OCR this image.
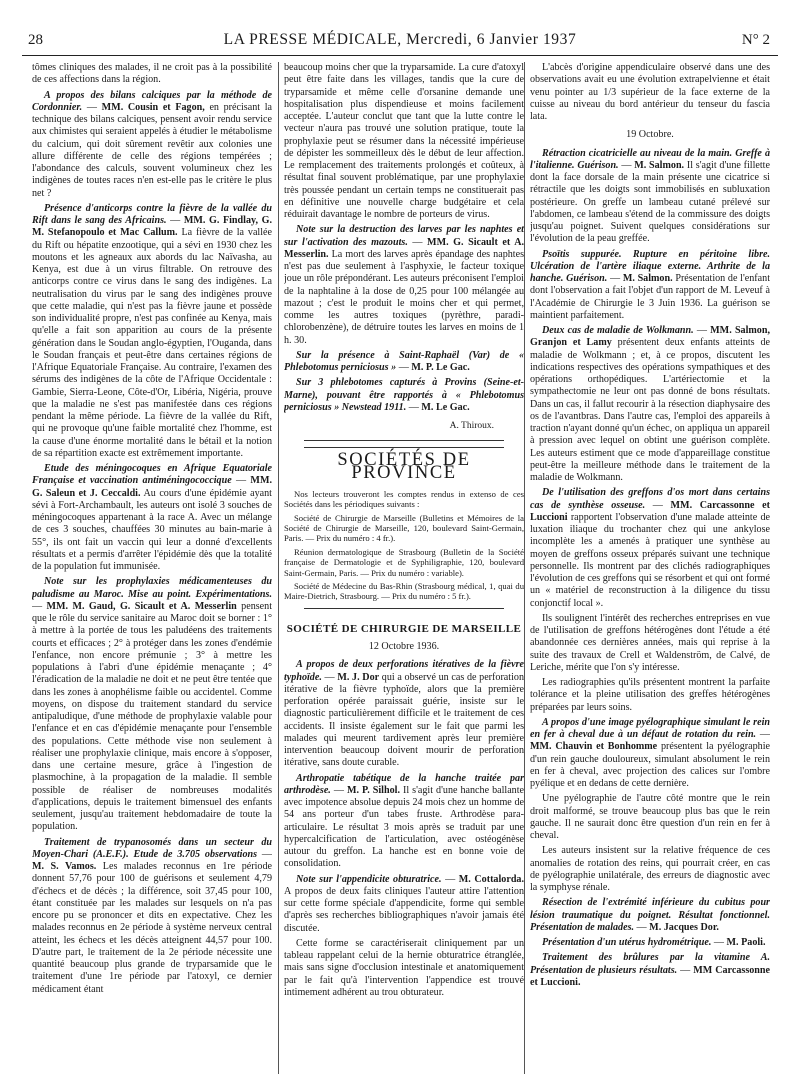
28	LA PRESSE MÉDICALE, Mercredi, 6 Janvier 1937	N° 2

tômes cliniques des malades, il ne croit pas à la possibilité de ces affections dans la région.

A propos des bilans calciques par la méthode de Cordonnier. — MM. Cousin et Fagon, en précisant la technique des bilans calciques, pensent avoir rendu service aux chimistes qui seraient appelés à étudier le métabolisme du calcium, qui doit sûrement revêtir aux colonies une allure différente de celle des régions tempérées ; l'abondance des calculs, souvent volumineux chez les indigènes de toutes races n'en est-elle pas le critère le plus net ?

Présence d'anticorps contre la fièvre de la vallée du Rift dans le sang des Africains. — MM. G. Findlay, G. M. Stefanopoulo et Mac Callum. La fièvre de la vallée du Rift ou hépatite enzootique, qui a sévi en 1930 chez les moutons et les agneaux aux abords du lac Naïvasha, au Kenya, est due à un virus filtrable. On retrouve des anticorps contre ce virus dans le sang des indigènes. La neutralisation du virus par le sang des indigènes prouve que cette maladie, qui n'est pas la fièvre jaune et possède son individualité propre, n'est pas confinée au Kenya, mais qu'elle a fait son apparition au cours de la présente génération dans le Soudan anglo-égyptien, l'Ouganda, dans le Soudan français et peut-être dans certaines régions de l'Afrique Equatoriale Française. Au contraire, l'examen des sérums des indigènes de la côte de l'Afrique Occidentale : Gambie, Sierra-Leone, Côte-d'Or, Libéria, Nigéria, prouve que la maladie ne s'est pas manifestée dans ces régions pendant la même période. La fièvre de la vallée du Rift, qui ne provoque qu'une faible mortalité chez l'homme, est la cause d'une énorme mortalité dans le bétail et la notion de sa répartition exacte est extrêmement importante.

Etude des méningocoques en Afrique Equatoriale Française et vaccination antiméningococcique — MM. G. Saleun et J. Ceccaldi. Au cours d'une épidémie ayant sévi à Fort-Archambault, les auteurs ont isolé 3 souches de méningocoques appartenant à la race A. Avec un mélange de ces 3 souches, chauffées 30 minutes au bain-marie à 55°, ils ont fait un vaccin qui leur a donné d'excellents résultats et a permis d'arrêter l'épidémie dès que la totalité de la population fut immunisée.

Note sur les prophylaxies médicamenteuses du paludisme au Maroc. Mise au point. Expérimentations. — MM. M. Gaud, G. Sicault et A. Messerlin pensent que le rôle du service sanitaire au Maroc doit se borner : 1° à mettre à la portée de tous les paludéens des traitements courts et efficaces ; 2° à protéger dans les zones d'endémie l'enfance, non encore prémunie ; 3° à mettre les populations à l'abri d'une épidémie menaçante ; 4° l'éradication de la maladie ne doit et ne peut être tentée que dans les zones à anophélisme faible ou accidentel. Comme moyens, on dispose du traitement standard du service antipaludique, d'une méthode de prophylaxie valable pour l'enfance et en cas d'épidémie menaçante pour l'ensemble des populations. Cette méthode vise non seulement à réaliser une prophylaxie clinique, mais encore à s'opposer, dans une certaine mesure, grâce à l'ingestion de plasmochine, à la propagation de la maladie. Il semble possible de réaliser de nombreuses modalités d'applications, depuis le traitement bimensuel des enfants seulement, jusqu'au traitement hebdomadaire de toute la population.

Traitement de trypanosomés dans un secteur du Moyen-Chari (A.E.F.). Etude de 3.705 observations — M. S. Vamos. Les malades reconnus en 1re période donnent 57,76 pour 100 de guérisons et seulement 4,79 d'échecs et de décès ; la différence, soit 37,45 pour 100, étant constituée par les malades sur lesquels on n'a pas encore pu se prononcer et dits en expectative. Chez les malades reconnus en 2e période à système nerveux central atteint, les échecs et les décès atteignent 44,57 pour 100. D'autre part, le traitement de la 2e période nécessite une quantité beaucoup plus grande de tryparsamide que le traitement d'une 1re période par l'atoxyl, ce dernier médicament étant

beaucoup moins cher que la tryparsamide. La cure d'atoxyl peut être faite dans les villages, tandis que la cure de tryparsamide et même celle d'orsanine demande une hospitalisation plus dispendieuse et moins facilement acceptée. L'auteur conclut que tant que la lutte contre le vecteur n'aura pas trouvé une solution pratique, toute la prophylaxie peut se résumer dans la nécessité impérieuse de dépister les sommeilleux dès le début de leur affection. Le remplacement des traitements prolongés et coûteux, à résultat final souvent problématique, par une prophylaxie très poussée pendant un certain temps ne constituerait pas en définitive une nouvelle charge budgétaire et cela réduirait davantage le nombre de porteurs de virus.

Note sur la destruction des larves par les naphtes et sur l'activation des mazouts. — MM. G. Sicault et A. Messerlin. La mort des larves après épandage des naphtes n'est pas due seulement à l'asphyxie, le facteur toxique joue un rôle prépondérant. Les auteurs préconisent l'emploi de la naphtaline à la dose de 0,25 pour 100 mélangée au mazout ; c'est le produit le moins cher et qui permet, comme les autres toxiques (pyrèthre, paradichlorobenzène), de détruire toutes les larves en moins de 1 h. 30.

Sur la présence à Saint-Raphaël (Var) de « Phlebotomus perniciosus » — M. P. Le Gac.

Sur 3 phlebotomes capturés à Provins (Seine-et-Marne), pouvant être rapportés à « Phlebotomus perniciosus » Newstead 1911. — M. Le Gac.

A. Thiroux.

SOCIÉTÉS DE PROVINCE

Nos lecteurs trouveront les comptes rendus in extenso de ces Sociétés dans les périodiques suivants :

Société de Chirurgie de Marseille (Bulletins et Mémoires de la Société de Chirurgie de Marseille, 120, boulevard Saint-Germain, Paris. — Prix du numéro : 4 fr.).

Réunion dermatologique de Strasbourg (Bulletin de la Société française de Dermatologie et de Syphiligraphie, 120, boulevard Saint-Germain, Paris. — Prix du numéro : variable).

Société de Médecine du Bas-Rhin (Strasbourg médical, 1, quai du Maire-Dietrich, Strasbourg. — Prix du numéro : 5 fr.).

SOCIÉTÉ DE CHIRURGIE DE MARSEILLE

12 Octobre 1936.

A propos de deux perforations itératives de la fièvre typhoïde. — M. J. Dor qui a observé un cas de perforation itérative de la fièvre typhoïde, alors que la première perforation opérée paraissait guérie, insiste sur le diagnostic particulièrement difficile et le traitement de ces accidents. Il insiste également sur le fait que parmi les malades qui meurent tardivement après leur première intervention beaucoup doivent mourir de perforation itérative, sans doute curable.

Arthropatie tabétique de la hanche traitée par arthrodèse. — M. P. Silhol. Il s'agit d'une hanche ballante avec impotence absolue depuis 24 mois chez un homme de 54 ans porteur d'un tabes fruste. Arthrodèse para-articulaire. Le résultat 3 mois après se traduit par une hypercalcification de l'articulation, avec ostéogénèse autour du greffon. La hanche est en bonne voie de consolidation.

Note sur l'appendicite obturatrice. — M. Cottalorda. A propos de deux faits cliniques l'auteur attire l'attention sur cette forme spéciale d'appendicite, forme qui semble d'après ses recherches bibliographiques n'avoir jamais été discutée.

Cette forme se caractériserait cliniquement par un tableau rappelant celui de la hernie obturatrice étranglée, mais sans signe d'occlusion intestinale et anatomiquement par le fait qu'à l'intervention l'appendice est trouvé intimement adhérent au trou obturateur.

L'abcès d'origine appendiculaire observé dans une des observations avait eu une évolution extrapelvienne et était venu pointer au 1/3 supérieur de la face externe de la cuisse au niveau du bord antérieur du tenseur du fascia lata.

19 Octobre.

Rétraction cicatricielle au niveau de la main. Greffe à l'italienne. Guérison. — M. Salmon. Il s'agit d'une fillette dont la face dorsale de la main présente une cicatrice si rétractile que les doigts sont immobilisés en subluxation postérieure. On greffe un lambeau cutané prélevé sur l'abdomen, ce lambeau s'étend de la commissure des doigts jusqu'au poignet. Suivent quelques considérations sur l'évolution de la peau greffée.

Psoïtis suppurée. Rupture en péritoine libre. Ulcération de l'artère iliaque externe. Arthrite de la hanche. Guérison. — M. Salmon. Présentation de l'enfant dont l'observation a fait l'objet d'un rapport de M. Leveuf à l'Académie de Chirurgie le 3 Juin 1936. La guérison se maintient parfaitement.

Deux cas de maladie de Wolkmann. — MM. Salmon, Granjon et Lamy présentent deux enfants atteints de maladie de Wolkmann ; et, à ce propos, discutent les indications respectives des opérations sympathiques et des opérations orthopédiques. L'artériectomie et la sympathectomie ne leur ont pas donné de bons résultats. Dans un cas, il fallut recourir à la résection diaphysaire des os de l'avantbras. Dans l'autre cas, l'emploi des appareils à traction n'ayant donné qu'un échec, on appliqua un appareil à pression avec lequel on obtint une guérison complète. Les auteurs estiment que ce mode d'appareillage constitue peut-être la meilleure méthode dans le traitement de la maladie de Wolkmann.

De l'utilisation des greffons d'os mort dans certains cas de synthèse osseuse. — MM. Carcassonne et Luccioni rapportent l'observation d'une malade atteinte de luxation iliaque du trochanter chez qui une ankylose incomplète les a amenés à pratiquer une synthèse au moyen de greffons osseux préparés suivant une technique personnelle. Ils montrent par des clichés radiographiques l'évolution de ces greffons qui se résorbent et qui ont formé un « matériel de reconstruction à la diligence du tissu conjonctif local ».

Ils soulignent l'intérêt des recherches entreprises en vue de l'utilisation de greffons hétérogènes dont l'étude a été abandonnée ces dernières années, mais qui reprise à la suite des travaux de Crell et Waldenström, de Calvé, de Leriche, mérite que l'on s'y intéresse.

Les radiographies qu'ils présentent montrent la parfaite tolérance et la pleine utilisation des greffes hétérogènes préparées par leurs soins.

A propos d'une image pyélographique simulant le rein en fer à cheval due à un défaut de rotation du rein. — MM. Chauvin et Bonhomme présentent la pyélographie d'un rein gauche douloureux, simulant absolument le rein en fer à cheval, avec projection des calices sur l'ombre pyélique et en dedans de cette dernière.

Une pyélographie de l'autre côté montre que le rein droit malformé, se trouve beaucoup plus bas que le rein gauche. Il ne saurait donc être question d'un rein en fer à cheval.

Les auteurs insistent sur la relative fréquence de ces anomalies de rotation des reins, qui pourrait créer, en cas de pyélographie unilatérale, des erreurs de diagnostic avec la symphyse rénale.

Résection de l'extrémité inférieure du cubitus pour lésion traumatique du poignet. Résultat fonctionnel. Présentation de malades. — M. Jacques Dor.

Présentation d'un utérus hydrométrique. — M. Paoli.

Traitement des brûlures par la vitamine A. Présentation de plusieurs résultats. — MM Carcassonne et Luccioni.
